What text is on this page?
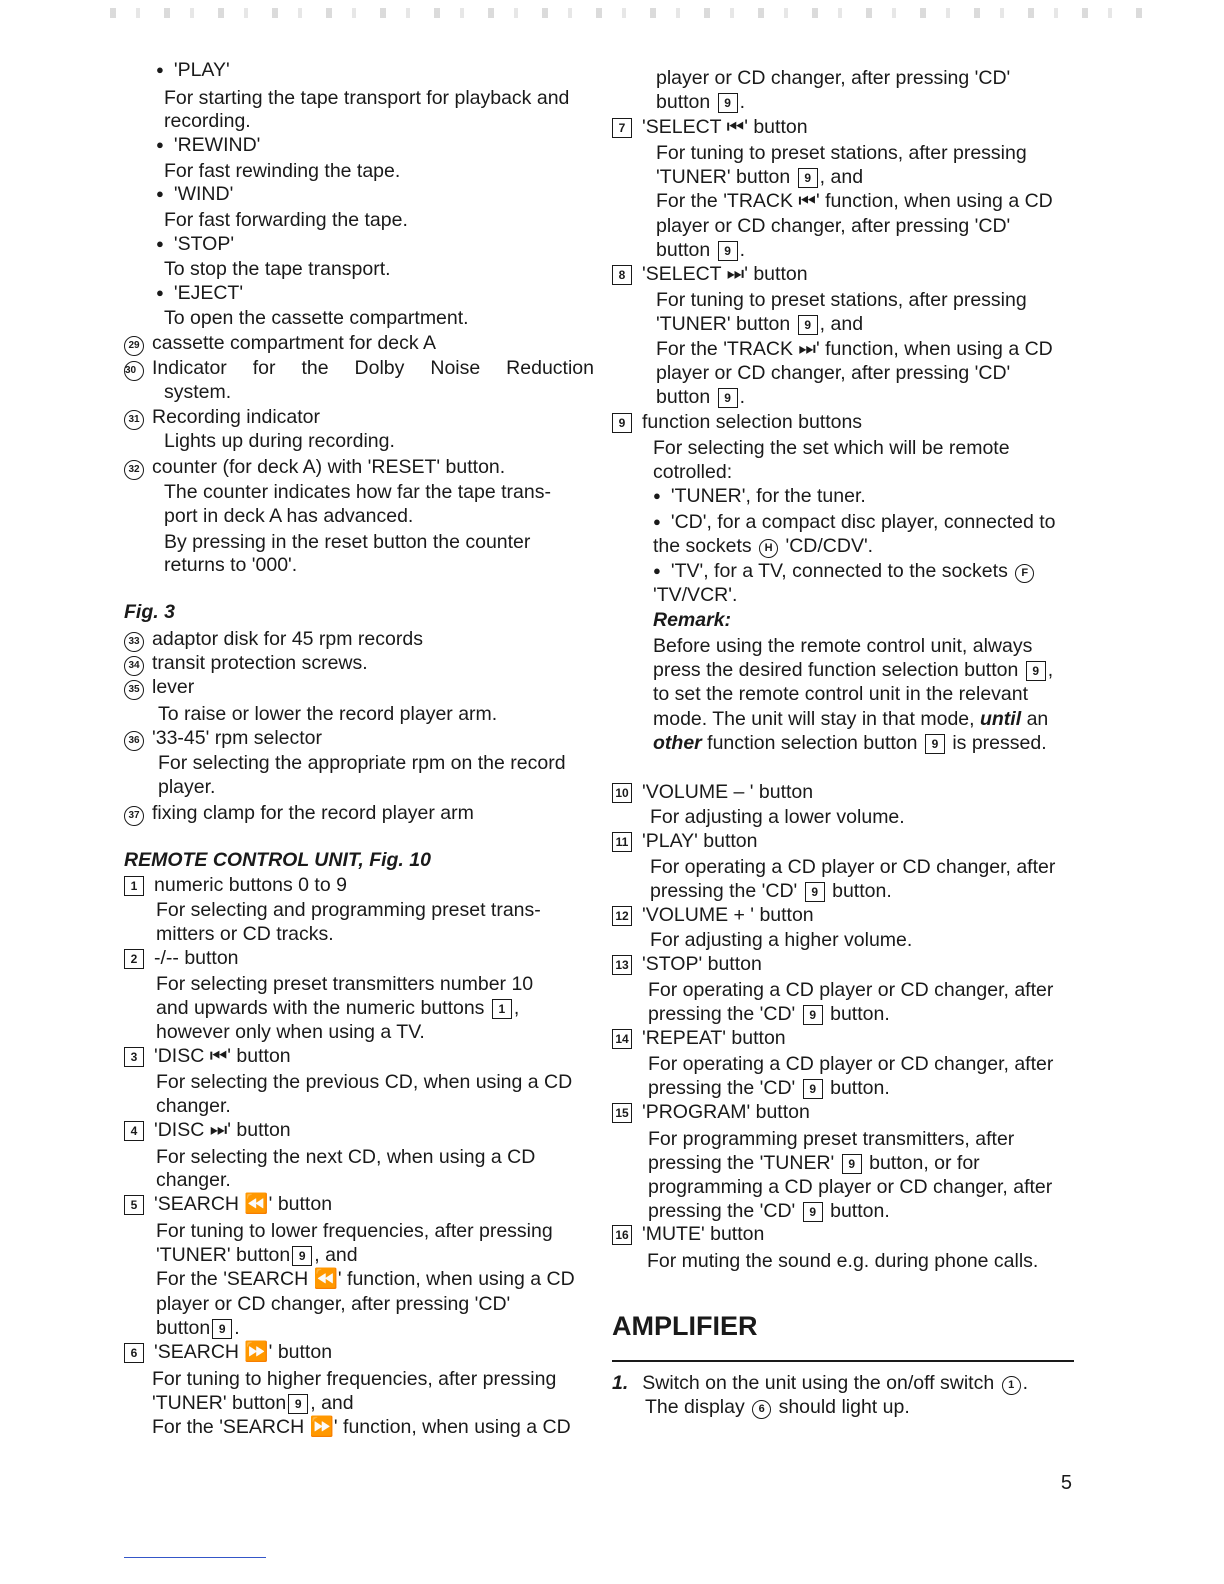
● 'PLAY'
For starting the tape transport for playback and
recording.
● 'REWIND'
For fast rewinding the tape.
● 'WIND'
For fast forwarding the tape.
● 'STOP'
To stop the tape transport.
● 'EJECT'
To open the cassette compartment.
29 cassette compartment for deck A
30 Indicator for the Dolby Noise Reduction
system.
31 Recording indicator
Lights up during recording.
32 counter (for deck A) with 'RESET' button.
The counter indicates how far the tape trans-
port in deck A has advanced.
By pressing in the reset button the counter
returns to '000'.
Fig. 3
33 adaptor disk for 45 rpm records
34 transit protection screws.
35 lever
To raise or lower the record player arm.
36 '33-45' rpm selector
For selecting the appropriate rpm on the record
player.
37 fixing clamp for the record player arm
REMOTE CONTROL UNIT, Fig. 10
1 numeric buttons 0 to 9
For selecting and programming preset trans-
mitters or CD tracks.
2 -/-- button
For selecting preset transmitters number 10
and upwards with the numeric buttons 1 ,
however only when using a TV.
3 'DISC ⏮' button
For selecting the previous CD, when using a CD
changer.
4 'DISC ⏭' button
For selecting the next CD, when using a CD
changer.
5 'SEARCH ⏪' button
For tuning to lower frequencies, after pressing
'TUNER' button 9 , and
For the 'SEARCH ⏪' function, when using a CD
player or CD changer, after pressing 'CD'
button 9 .
6 'SEARCH ⏩' button
For tuning to higher frequencies, after pressing
'TUNER' button 9 , and
For the 'SEARCH ⏩' function, when using a CD
player or CD changer, after pressing 'CD'
button 9 .
7 'SELECT ⏮' button
For tuning to preset stations, after pressing
'TUNER' button 9 , and
For the 'TRACK ⏮' function, when using a CD
player or CD changer, after pressing 'CD'
button 9 .
8 'SELECT ⏭' button
For tuning to preset stations, after pressing
'TUNER' button 9 , and
For the 'TRACK ⏭' function, when using a CD
player or CD changer, after pressing 'CD'
button 9 .
9 function selection buttons
For selecting the set which will be remote
cotrolled:
● 'TUNER', for the tuner.
● 'CD', for a compact disc player, connected to
the sockets H 'CD/CDV'.
● 'TV', for a TV, connected to the sockets F
'TV/VCR'.
Remark:
Before using the remote control unit, always
press the desired function selection button 9 ,
to set the remote control unit in the relevant
mode. The unit will stay in that mode, until an
other function selection button 9 is pressed.
10 'VOLUME – ' button
For adjusting a lower volume.
11 'PLAY' button
For operating a CD player or CD changer, after
pressing the 'CD' 9 button.
12 'VOLUME + ' button
For adjusting a higher volume.
13 'STOP' button
For operating a CD player or CD changer, after
pressing the 'CD' 9 button.
14 'REPEAT' button
For operating a CD player or CD changer, after
pressing the 'CD' 9 button.
15 'PROGRAM' button
For programming preset transmitters, after
pressing the 'TUNER' 9 button, or for
programming a CD player or CD changer, after
pressing the 'CD' 9 button.
16 'MUTE' button
For muting the sound e.g. during phone calls.
AMPLIFIER
1. Switch on the unit using the on/off switch 1 .
The display 6 should light up.
5
